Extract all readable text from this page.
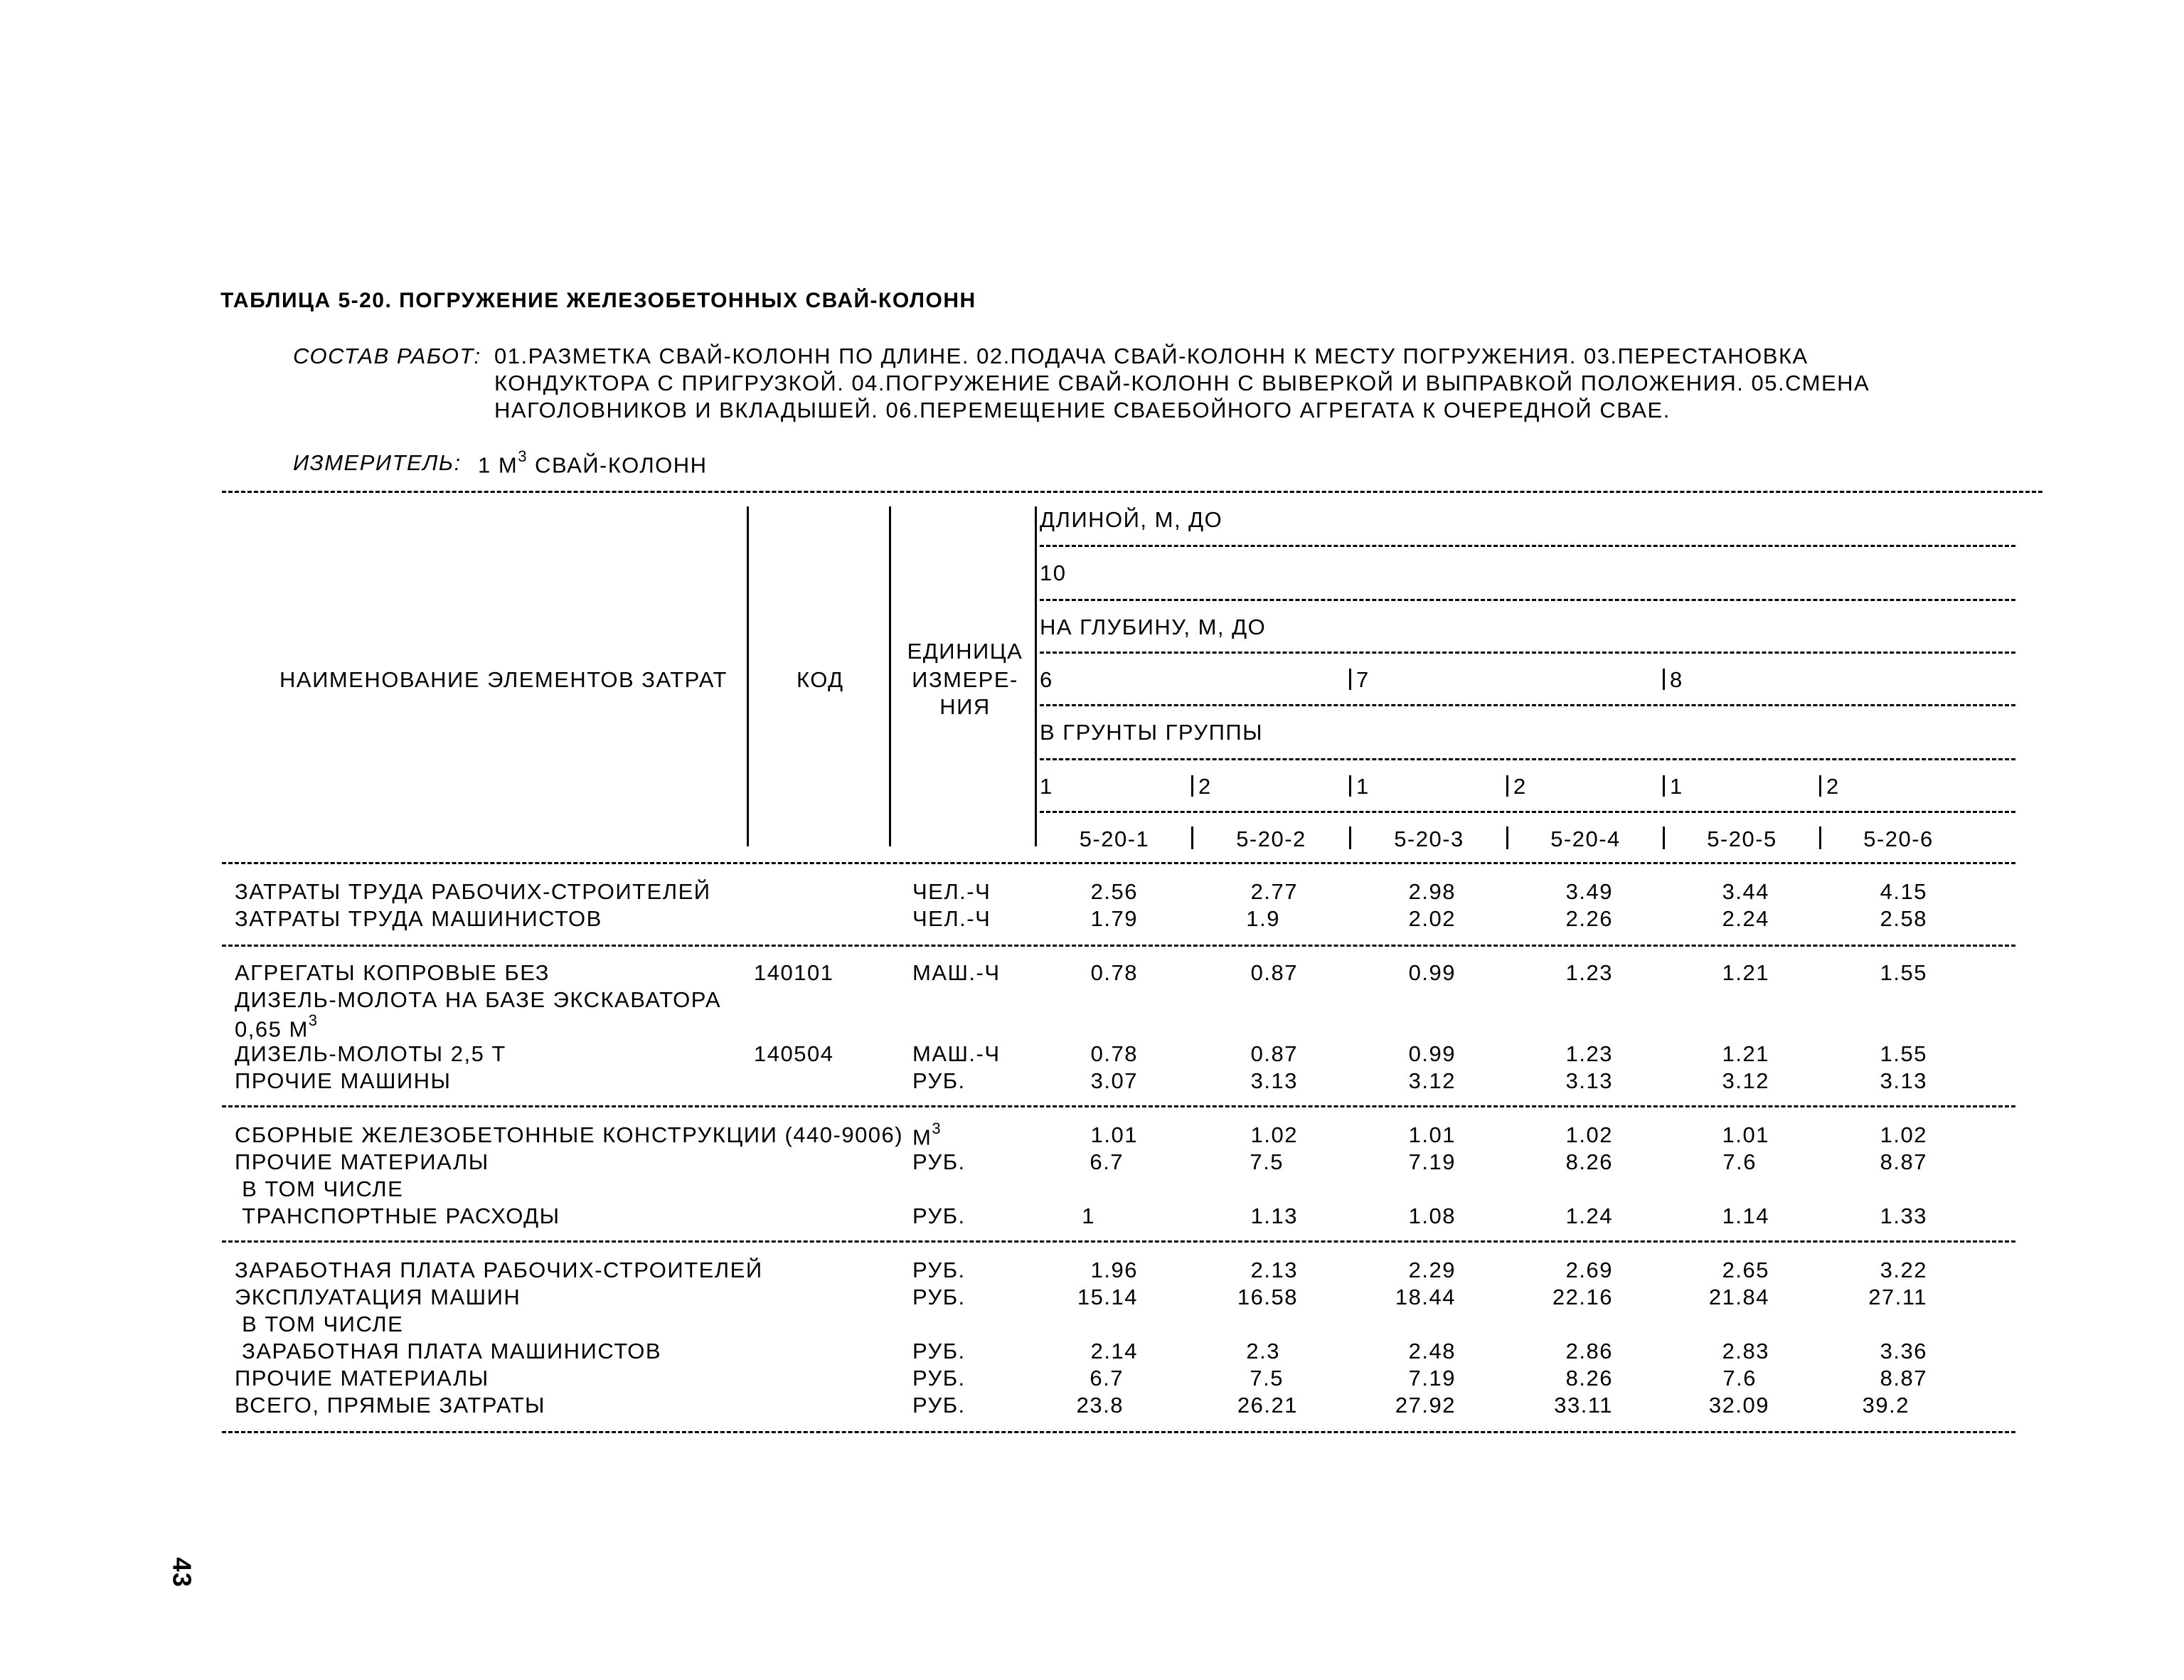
ТАБЛИЦА 5-20. ПОГРУЖЕНИЕ ЖЕЛЕЗОБЕТОННЫХ СВАЙ-КОЛОНН
СОСТАВ РАБОТ: 01.РАЗМЕТКА СВАЙ-КОЛОНН ПО ДЛИНЕ. 02.ПОДАЧА СВАЙ-КОЛОНН К МЕСТУ ПОГРУЖЕНИЯ. 03.ПЕРЕСТАНОВКА
КОНДУКТОРА С ПРИГРУЗКОЙ. 04.ПОГРУЖЕНИЕ СВАЙ-КОЛОНН С ВЫВЕРКОЙ И ВЫПРАВКОЙ ПОЛОЖЕНИЯ. 05.СМЕНА
НАГОЛОВНИКОВ И ВКЛАДЫШЕЙ. 06.ПЕРЕМЕЩЕНИЕ СВАЕБОЙНОГО АГРЕГАТА К ОЧЕРЕДНОЙ СВАЕ.
ИЗМЕРИТЕЛЬ: 1 $М^3$ СВАЙ-КОЛОНН
НАИМЕНОВАНИЕ ЭЛЕМЕНТОВ ЗАТРАТ	КОД
ЕДИНИЦА
ИЗМЕРЕ-
НИЯ
ДЛИНОЙ, М, ДО
10
НА ГЛУБИНУ, М, ДО
6	7	8
В ГРУНТЫ ГРУППЫ
1	2	1	2	1	2
5-20-1	5-20-2	5-20-3	5-20-4	5-20-5	5-20-6
ЗАТРАТЫ ТРУДА РАБОЧИХ-СТРОИТЕЛЕЙ	ЧЕЛ.-Ч	2.56	2.77	2.98	3.49	3.44	4.15
ЗАТРАТЫ ТРУДА МАШИНИСТОВ	ЧЕЛ.-Ч	1.79	1.9	2.02	2.26	2.24	2.58
АГРЕГАТЫ КОПРОВЫЕ БЕЗ	140101	МАШ.-Ч	0.78	0.87	0.99	1.23	1.21	1.55
ДИЗЕЛЬ-МОЛОТА НА БАЗЕ ЭКСКАВАТОРА
0,65 $М^3$
ДИЗЕЛЬ-МОЛОТЫ 2,5 Т	140504	МАШ.-Ч	0.78	0.87	0.99	1.23	1.21	1.55
ПРОЧИЕ МАШИНЫ	РУБ.	3.07	3.13	3.12	3.13	3.12	3.13
СБОРНЫЕ ЖЕЛЕЗОБЕТОННЫЕ КОНСТРУКЦИИ (440-9006) $М^3$	1.01	1.02	1.01	1.02	1.01	1.02
ПРОЧИЕ МАТЕРИАЛЫ	РУБ.	6.7	7.5	7.19	8.26	7.6	8.87
В ТОМ ЧИСЛЕ
ТРАНСПОРТНЫЕ РАСХОДЫ	РУБ.	1	1.13	1.08	1.24	1.14	1.33
ЗАРАБОТНАЯ ПЛАТА РАБОЧИХ-СТРОИТЕЛЕЙ	РУБ.	1.96	2.13	2.29	2.69	2.65	3.22
ЭКСПЛУАТАЦИЯ МАШИН	РУБ.	15.14	16.58	18.44	22.16	21.84	27.11
В ТОМ ЧИСЛЕ
ЗАРАБОТНАЯ ПЛАТА МАШИНИСТОВ	РУБ.	2.14	2.3	2.48	2.86	2.83	3.36
ПРОЧИЕ МАТЕРИАЛЫ	РУБ.	6.7	7.5	7.19	8.26	7.6	8.87
ВСЕГО, ПРЯМЫЕ ЗАТРАТЫ	РУБ.	23.8	26.21	27.92	33.11	32.09	39.2
43
